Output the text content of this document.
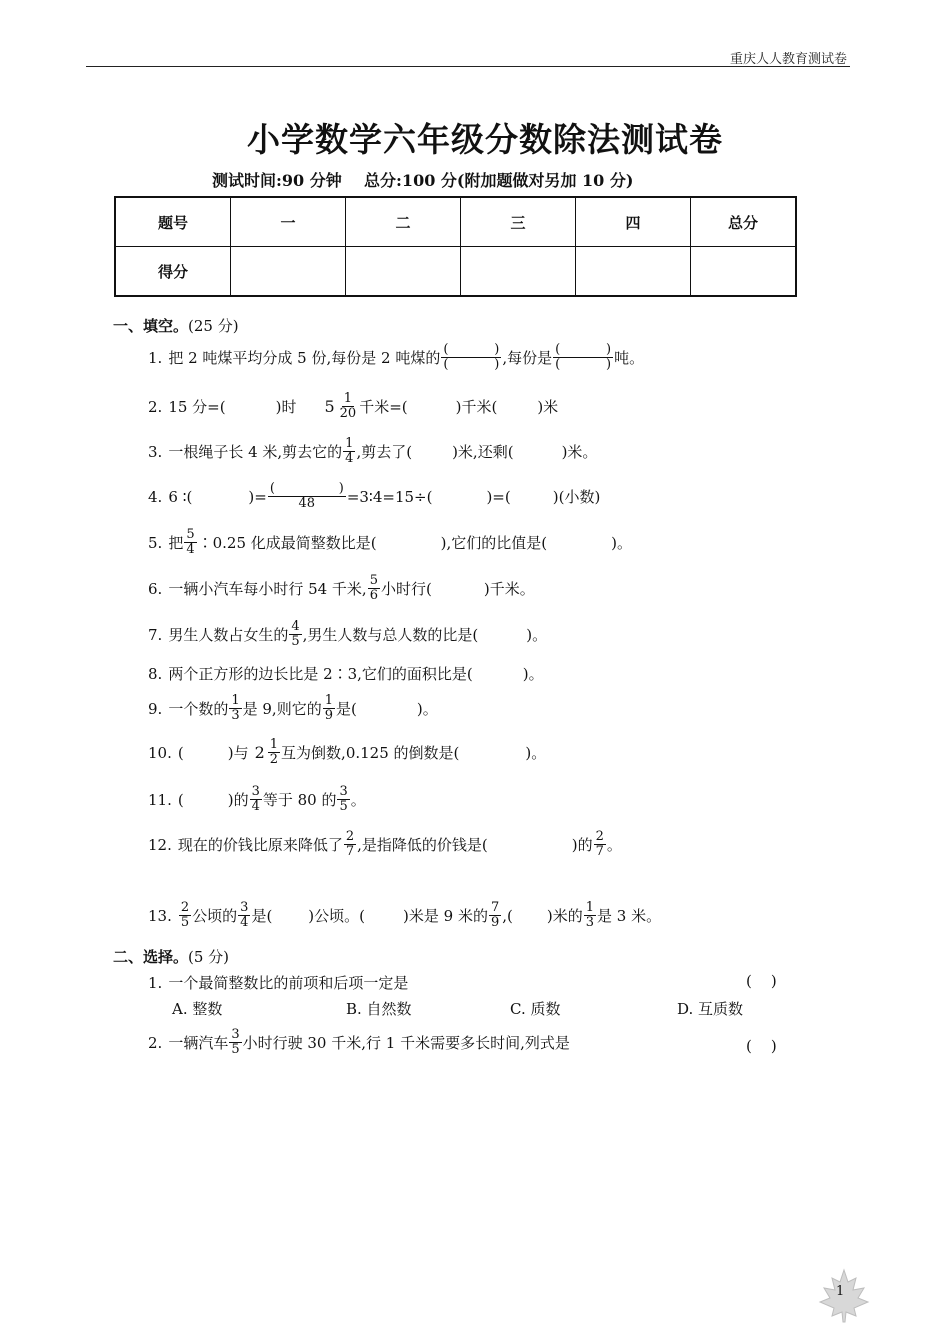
重庆人人教育测试卷
小学数学六年级分数除法测试卷
测试时间:90 分钟    总分:100 分(附加题做对另加 10 分)
题号	一	二	三	四	总分
得分					
一、填空。(25 分)
1. 把 2 吨煤平均分成 5 份,每份是 2 吨煤的 (	)
(	) ,每份是 (	)
(	) 吨。
2. 15 分=(	)时 $5 \frac{1}{20}$ 千米=(	)千米(	)米
3. 一根绳子长 4 米,剪去它的 $\frac{1}{4}$ ,剪去了(	)米,还剩(	)米。
4. 6 ∶(	)= (	)
48 =3∶4=15÷(	)=(	)(小数)
5. 把 $\frac{5}{4}$ ∶0.25 化成最简整数比是(	),它们的比值是(	)。
6. 一辆小汽车每小时行 54 千米, $\frac{5}{6}$ 小时行(	)千米。
7. 男生人数占女生的 $\frac{4}{5}$ ,男生人数与总人数的比是(	)。
8. 两个正方形的边长比是 2∶3,它们的面积比是(	)。
9. 一个数的 $\frac{1}{3}$ 是 9,则它的 $\frac{1}{9}$ 是(	)。
10. (	)与 $2 \frac{1}{2}$ 互为倒数,0.125 的倒数是(	)。
11. (	)的 $\frac{3}{4}$ 等于 80 的 $\frac{3}{5}$ 。
12. 现在的价钱比原来降低了 $\frac{2}{7}$ ,是指降低的价钱是(	)的 $\frac{2}{7}$ 。
13. $\frac{2}{5}$ 公顷的 $\frac{3}{4}$ 是( )公顷。(	)米是 9 米的 $\frac{7}{9}$ ,( )米的 $\frac{1}{3}$ 是 3 米。
二、选择。(5 分)
1. 一个最简整数比的前项和后项一定是	(    )
A. 整数	B. 自然数	C. 质数	D. 互质数
2. 一辆汽车 $\frac{3}{5}$ 小时行驶 30 千米,行 1 千米需要多长时间,列式是	(    )
1
